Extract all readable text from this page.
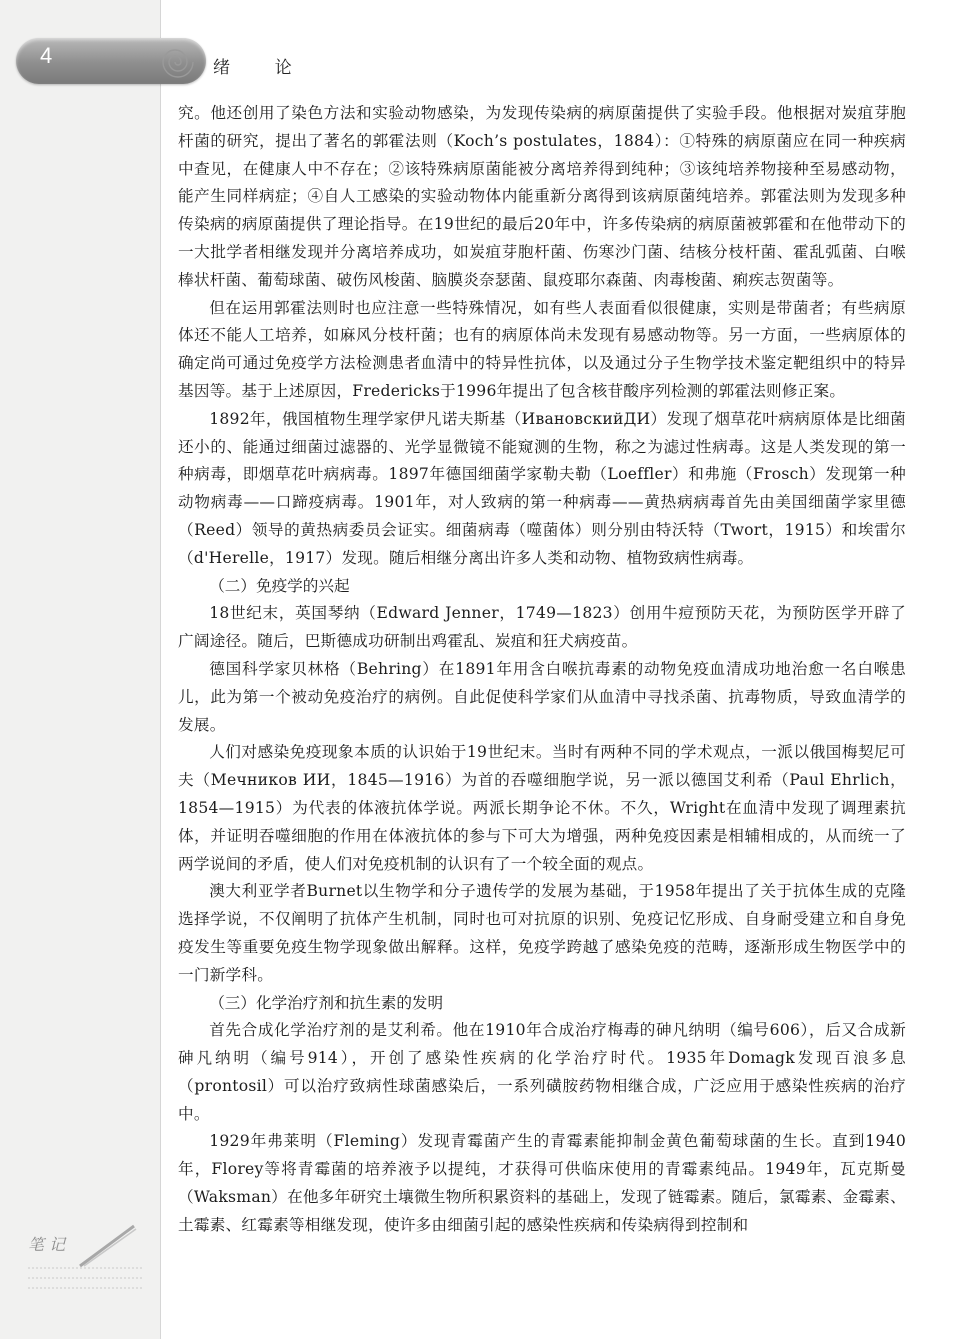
4	绪 论

究。他还创用了染色方法和实验动物感染，为发现传染病的病原菌提供了实验手段。他根据对炭疽芽胞杆菌的研究，提出了著名的郭霍法则（Koch’s postulates，1884）：①特殊的病原菌应在同一种疾病中查见，在健康人中不存在；②该特殊病原菌能被分离培养得到纯种；③该纯培养物接种至易感动物，能产生同样病症；④自人工感染的实验动物体内能重新分离得到该病原菌纯培养。郭霍法则为发现多种传染病的病原菌提供了理论指导。在19世纪的最后20年中，许多传染病的病原菌被郭霍和在他带动下的一大批学者相继发现并分离培养成功，如炭疽芽胞杆菌、伤寒沙门菌、结核分枝杆菌、霍乱弧菌、白喉棒状杆菌、葡萄球菌、破伤风梭菌、脑膜炎奈瑟菌、鼠疫耶尔森菌、肉毒梭菌、痢疾志贺菌等。

但在运用郭霍法则时也应注意一些特殊情况，如有些人表面看似很健康，实则是带菌者；有些病原体还不能人工培养，如麻风分枝杆菌；也有的病原体尚未发现有易感动物等。另一方面，一些病原体的确定尚可通过免疫学方法检测患者血清中的特异性抗体，以及通过分子生物学技术鉴定靶组织中的特异基因等。基于上述原因，Fredericks于1996年提出了包含核苷酸序列检测的郭霍法则修正案。

1892年，俄国植物生理学家伊凡诺夫斯基（ИвановскийДИ）发现了烟草花叶病病原体是比细菌还小的、能通过细菌过滤器的、光学显微镜不能窥测的生物，称之为滤过性病毒。这是人类发现的第一种病毒，即烟草花叶病病毒。1897年德国细菌学家勒夫勒（Loeffler）和弗施（Frosch）发现第一种动物病毒——口蹄疫病毒。1901年，对人致病的第一种病毒——黄热病病毒首先由美国细菌学家里德（Reed）领导的黄热病委员会证实。细菌病毒（噬菌体）则分别由特沃特（Twort，1915）和埃雷尔（d'Herelle，1917）发现。随后相继分离出许多人类和动物、植物致病性病毒。

（二）免疫学的兴起

18世纪末，英国琴纳（Edward Jenner，1749—1823）创用牛痘预防天花，为预防医学开辟了广阔途径。随后，巴斯德成功研制出鸡霍乱、炭疽和狂犬病疫苗。

德国科学家贝林格（Behring）在1891年用含白喉抗毒素的动物免疫血清成功地治愈一名白喉患儿，此为第一个被动免疫治疗的病例。自此促使科学家们从血清中寻找杀菌、抗毒物质，导致血清学的发展。

人们对感染免疫现象本质的认识始于19世纪末。当时有两种不同的学术观点，一派以俄国梅契尼可夫（Мечников ИИ，1845—1916）为首的吞噬细胞学说，另一派以德国艾利希（Paul Ehrlich，1854—1915）为代表的体液抗体学说。两派长期争论不休。不久，Wright在血清中发现了调理素抗体，并证明吞噬细胞的作用在体液抗体的参与下可大为增强，两种免疫因素是相辅相成的，从而统一了两学说间的矛盾，使人们对免疫机制的认识有了一个较全面的观点。

澳大利亚学者Burnet以生物学和分子遗传学的发展为基础，于1958年提出了关于抗体生成的克隆选择学说，不仅阐明了抗体产生机制，同时也可对抗原的识别、免疫记忆形成、自身耐受建立和自身免疫发生等重要免疫生物学现象做出解释。这样，免疫学跨越了感染免疫的范畴，逐渐形成生物医学中的一门新学科。

（三）化学治疗剂和抗生素的发明

首先合成化学治疗剂的是艾利希。他在1910年合成治疗梅毒的砷凡纳明（编号606），后又合成新砷凡纳明（编号914），开创了感染性疾病的化学治疗时代。1935年Domagk发现百浪多息（prontosil）可以治疗致病性球菌感染后，一系列磺胺药物相继合成，广泛应用于感染性疾病的治疗中。

1929年弗莱明（Fleming）发现青霉菌产生的青霉素能抑制金黄色葡萄球菌的生长。直到1940年，Florey等将青霉菌的培养液予以提纯，才获得可供临床使用的青霉素纯品。1949年，瓦克斯曼（Waksman）在他多年研究土壤微生物所积累资料的基础上，发现了链霉素。随后，氯霉素、金霉素、土霉素、红霉素等相继发现，使许多由细菌引起的感染性疾病和传染病得到控制和

笔 记
